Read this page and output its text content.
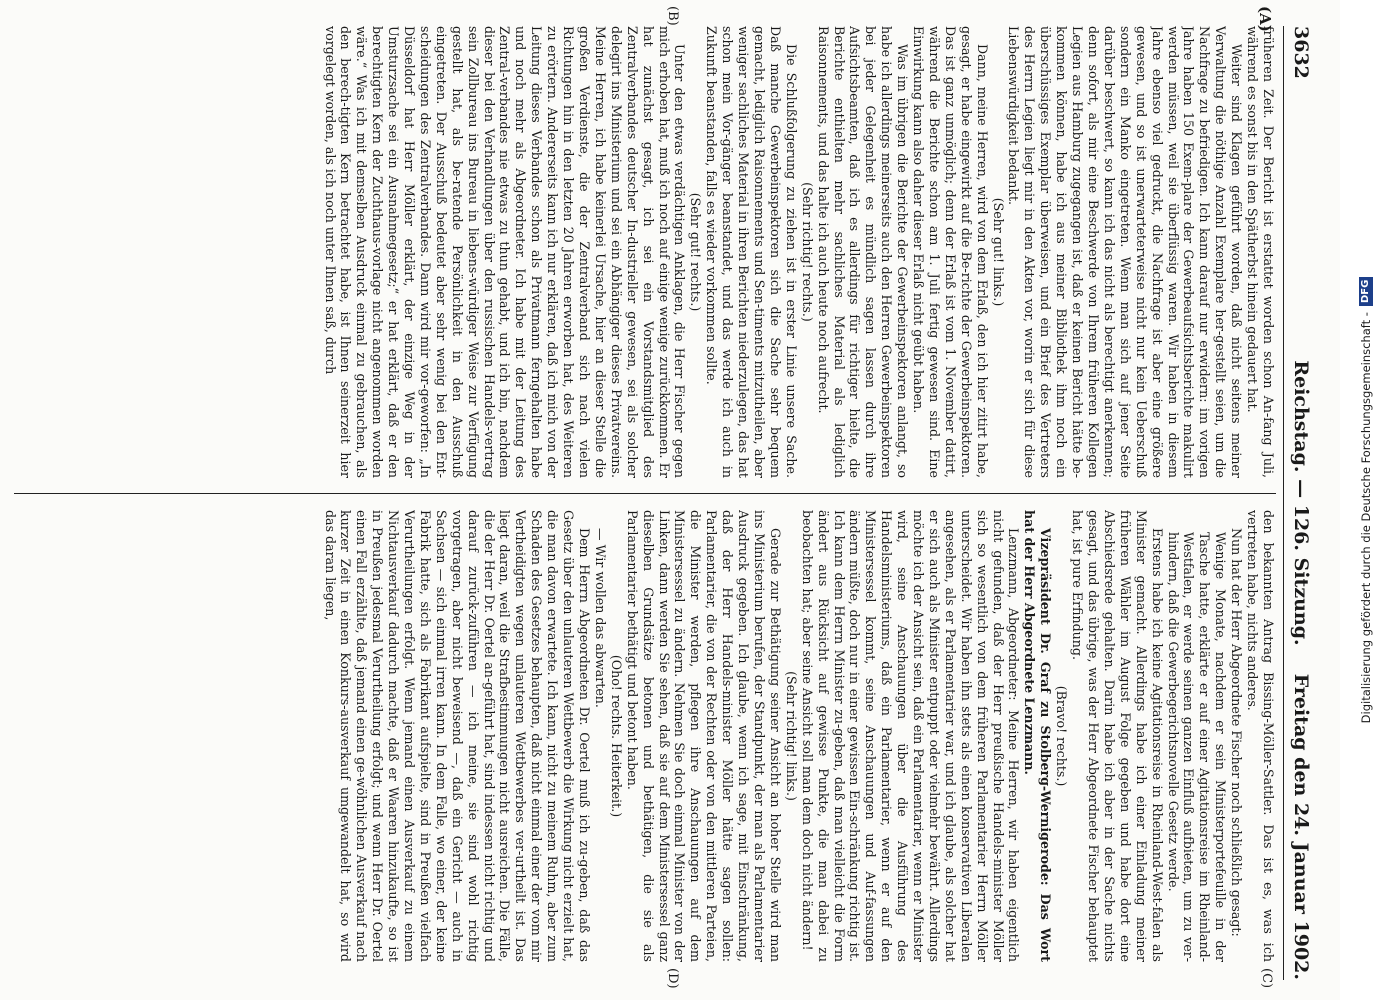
3632
Reichstag. — 126. Sitzung.
Freitag den 24. Januar 1902.
(A)
(B)
(C)
(D)

früheren Zeit. Der Bericht ist erstattet worden schon An-fang Juli, während es sonst bis in den Spätherbst hinein gedauert hat.

Weiter sind Klagen geführt worden, daß nicht seitens meiner Verwaltung die nöthige Anzahl Exemplare her-gestellt seien, um die Nachfrage zu befriedigen. Ich kann darauf nur erwidern: im vorigen Jahre haben 150 Exem-plare der Gewerbeaufsichtsberichte makulirt werden müssen, weil sie überflüssig waren. Wir haben in diesem Jahre ebenso viel gedruckt, die Nachfrage ist aber eine größere gewesen, und so ist unerwarteterweise nicht nur kein Ueberschuß sondern ein Manko eingetreten. Wenn man sich auf jener Seite darüber beschwert, so kann ich das nicht als berechtigt anerkennen; denn sofort, als mir eine Beschwerde von Ihrem früheren Kollegen Legien aus Hamburg zugegangen ist, daß er keinen Bericht hätte be-kommen können, habe ich aus meiner Bibliothek ihm noch ein überschüssiges Exemplar überweisen, und ein Brief des Vertreters des Herrn Legien liegt mir in den Akten vor, worin er sich für diese Liebenswürdigkeit bedankt.

(Sehr gut! links.)

Dann, meine Herren, wird von dem Erlaß, den ich hier zitirt habe, gesagt, er habe eingewirkt auf die Be-richte der Gewerbeinspektoren. Das ist ganz unmöglich; denn der Erlaß ist vom 1. November datirt, während die Berichte schon am 1. Juli fertig gewesen sind. Eine Einwirkung kann also daher dieser Erlaß nicht geübt haben.

Was im übrigen die Berichte der Gewerbeinspektoren anlangt, so habe ich allerdings meinerseits auch den Herren Gewerbeinspektoren bei jeder Gelegenheit es mündlich sagen lassen durch ihre Aufsichtsbeamten, daß ich es allerdings für richtiger hielte, die Berichte enthielten mehr sachliches Material als lediglich Raisonnements, und das halte ich auch heute noch aufrecht.

(Sehr richtig! rechts.)

Die Schlußfolgerung zu ziehen ist in erster Linie unsere Sache. Daß manche Gewerbeinspektoren sich die Sache sehr bequem gemacht, lediglich Raisonnements und Sen-timents mitzutheilen, aber weniger sachliches Material in ihren Berichten niederzulegen, das hat schon mein Vor-gänger beanstandet, und das werde ich auch in Zukunft beanstanden, falls es wieder vorkommen sollte.

(Sehr gut! rechts.)

Unter den etwas verdächtigen Anklagen, die Herr Fischer gegen mich erhoben hat, muß ich noch auf einige wenige zurückkommen. Er hat zunächst gesagt, ich sei ein Vorstandsmitglied des Zentralverbandes deutscher In-dustrieller gewesen, sei als solcher delegirt ins Ministerium und sei ein Abhängiger dieses Privatvereins. Meine Herren, ich habe keinerlei Ursache, hier an dieser Stelle die großen Verdienste, die der Zentralverband sich nach vielen Richtungen hin in den letzten 20 Jahren erworben hat, des Weiteren zu erörtern. Andererseits kann ich nur erklären, daß ich mich von der Leitung dieses Verbandes schon als Privatmann ferngehalten habe und noch mehr als Abgeordneter. Ich habe mit der Leitung des Zentral-verbandes nie etwas zu thun gehabt, und ich bin, nachdem dieser bei den Verhandlungen über den russischen Handels-vertrag sein Zollbureau ins Bureau in liebens-würdiger Weise zur Verfügung gestellt hat, als be-ratende Persönlichkeit in den Ausschuß eingetreten. Der Ausschuß bedeutet aber sehr wenig bei den Ent-scheidungen des Zentralverbandes. Dann wird mir vor-geworfen: „In Düsseldorf hat Herr Möller erklärt, der einzige Weg in der Umsturzsache sei ein Ausnahmegesetz;“ er hat erklärt, daß er den berechtigten Kern der Zuchthaus-vorlage nicht angenommen worden wäre.“ Was ich mit demselben Ausdruck einmal zu gebrauchen, als den berech-tigten Kern betrachtet habe, ist Ihnen seinerzeit hier vorgelegt worden, als ich noch unter Ihnen saß, durch

den bekannten Antrag Bissing-Möller-Sattler. Das ist es, was ich vertreten habe, nichts anderes.

Nun hat der Herr Abgeordnete Fischer noch schließlich gesagt:

Wenige Monate, nachdem er sein Ministerportefeuille in der Tasche hatte, erklärte er auf einer Agitationsreise im Rheinland-Westfalen, er werde seinen ganzen Einfluß aufbieten, um zu ver-hindern, daß die Gewerbegerichtsnovelle Gesetz werde.

Erstens habe ich keine Agitationsreise in Rheinland-West-falen als Minister gemacht. Allerdings habe ich einer Einladung meiner früheren Wähler im August Folge gegeben und habe dort eine Abschiedsrede gehalten. Darin habe ich aber in der Sache nichts gesagt, und das übrige, was der Herr Abgeordnete Fischer behauptet hat, ist pure Erfindung.

(Bravo! rechts.)

Vizepräsident Dr. Graf zu Stolberg-Wernigerode: Das Wort hat der Herr Abgeordnete Lenzmann.

Lenzmann, Abgeordneter: Meine Herren, wir haben eigentlich nicht gefunden, daß der Herr preußische Handels-minister Möller sich so wesentlich von dem früheren Parlamentarier Herrn Möller unterscheidet. Wir haben ihn stets als einen konservativen Liberalen angesehen, als er Parlamentarier war, und ich glaube, als solcher hat er sich auch als Minister entpuppt oder vielmehr bewährt. Allerdings möchte ich der Ansicht sein, daß ein Parlamentarier, wenn er Minister wird, seine Anschauungen über die Ausführung des Handelsministeriums, daß ein Parlamentarier, wenn er auf den Ministersessel kommt, seine Anschauungen und Auf-fassungen ändern müßte, doch nur in einer gewissen Ein-schränkung richtig ist. Ich kann dem Herrn Minister zu-geben, daß man vielleicht die Form ändert aus Rücksicht auf gewisse Punkte, die man dabei zu beobachten hat; aber seine Ansicht soll man dem doch nicht ändern!

(Sehr richtig! links.)

Gerade zur Bethätigung seiner Ansicht an hoher Stelle wird man ins Ministerium berufen, der Standpunkt, der man als Parlamentarier Ausdruck gegeben. Ich glaube, wenn ich sage, mit Einschränkung, daß der Herr Handels-minister Möller hätte sagen sollen: Parlamentarier, die von der Rechten oder von den mittleren Parteien, die Minister werden, pflegen ihre Anschauungen auf dem Ministersessel zu ändern. Nehmen Sie doch einmal Minister von der Linken, dann werden Sie sehen, daß sie auf dem Ministersessel ganz dieselben Grundsätze betonen und bethätigen, die sie als Parlamentarier bethätigt und betont haben.

(Oho! rechts. Heiterkeit.)

— Wir wollen das abwarten.

Dem Herrn Abgeordneten Dr. Oertel muß ich zu-geben, daß das Gesetz über den unlauteren Wettbewerb die Wirkung nicht erzielt hat, die man davon erwartete. Ich kann, nicht zu meinem Ruhm, aber zum Schaden des Gesetzes behaupten, daß nicht einmal einer der vom mir Vertheidigten wegen unlauteren Wettbewerbes ver-urtheilt ist. Das liegt daran, weil die Strafbestimmungen nicht ausreichen. Die Fälle, die der Herr Dr. Oertel an-geführt hat, sind indessen nicht richtig und darauf zurück-zuführen — ich meine, sie sind wohl richtig vorgetragen, aber nicht beweisend —, daß ein Gericht — auch in Sachsen — sich einmal irren kann. In dem Falle, wo einer, der keine Fabrik hatte, sich als Fabrikant aufspielte, sind in Preußen vielfach Verurtheilungen erfolgt. Wenn jemand einen Ausverkauf zu einem Nichtausverkauf dadurch machte, daß er Waaren hinzukaufte, so ist in Preußen jedesmal Verurtheilung erfolgt; und wenn Herr Dr. Oertel einen Fall erzählte, daß jemand einen ge-wöhnlichen Ausverkauf nach kurzer Zeit in einen Konkurs-ausverkauf umgewandelt hat, so wird das daran liegen,	Digitalisierung gefördert durch die Deutsche Forschungsgemeinschaft -
DFG
